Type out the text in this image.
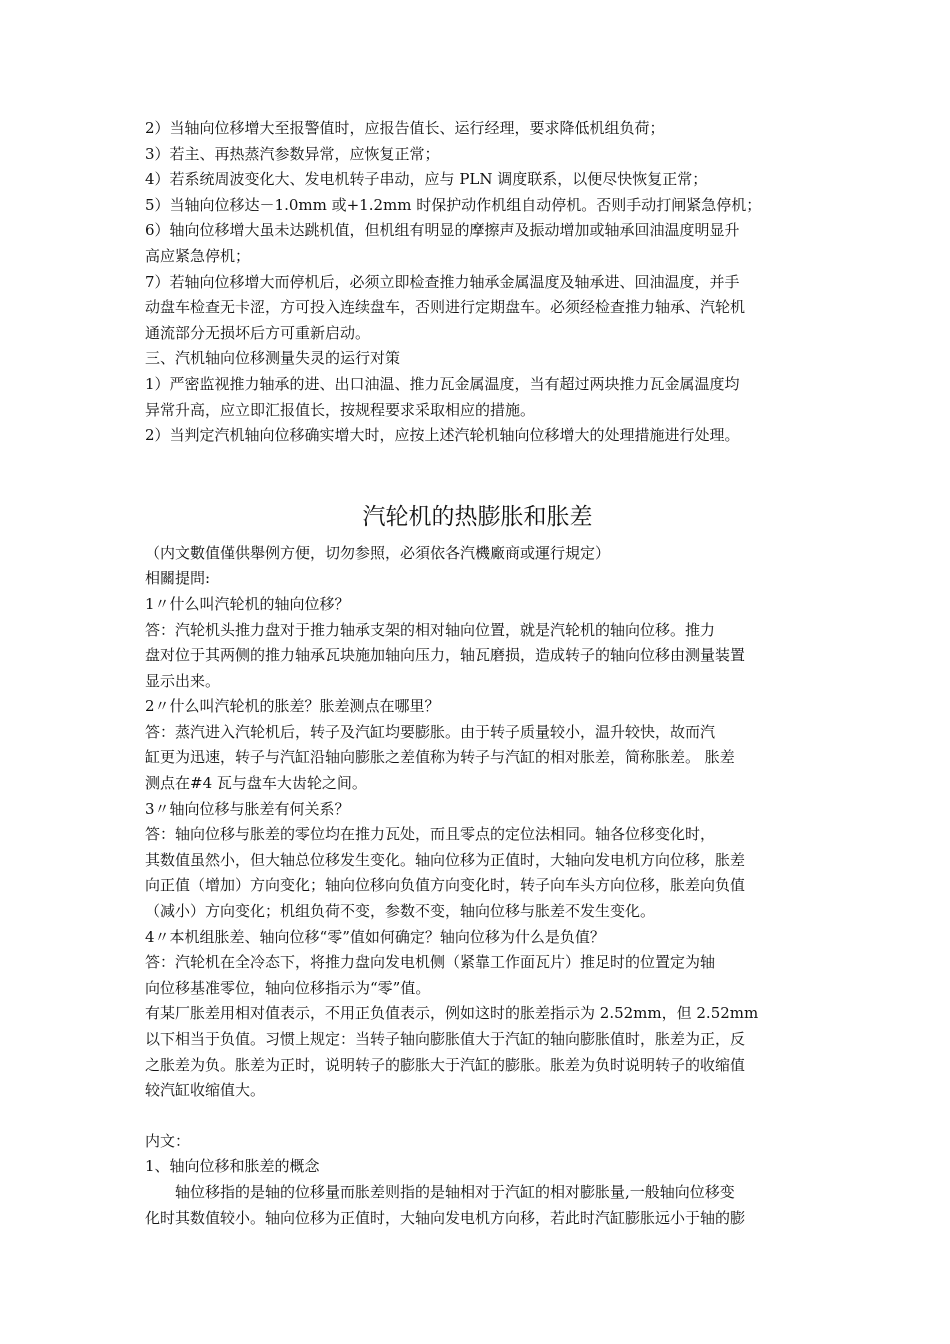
2）当轴向位移增大至报警值时，应报告值长、运行经理，要求降低机组负荷；
3）若主、再热蒸汽参数异常，应恢复正常；
4）若系统周波变化大、发电机转子串动，应与 PLN 调度联系，以便尽快恢复正常；
5）当轴向位移达－1.0mm 或+1.2mm 时保护动作机组自动停机。否则手动打闸紧急停机；
6）轴向位移增大虽未达跳机值，但机组有明显的摩擦声及振动增加或轴承回油温度明显升
高应紧急停机；
7）若轴向位移增大而停机后，必须立即检查推力轴承金属温度及轴承进、回油温度，并手
动盘车检查无卡涩，方可投入连续盘车，否则进行定期盘车。必须经检查推力轴承、汽轮机
通流部分无损坏后方可重新启动。
三、汽机轴向位移测量失灵的运行对策
1）严密监视推力轴承的进、出口油温、推力瓦金属温度，当有超过两块推力瓦金属温度均
异常升高，应立即汇报值长，按规程要求采取相应的措施。
2）当判定汽机轴向位移确实增大时，应按上述汽轮机轴向位移增大的处理措施进行处理。
汽轮机的热膨胀和胀差
（内文數值僅供舉例方便，切勿参照，必須依各汽機廠商或運行規定）
相關提問:
1〃什么叫汽轮机的轴向位移？
答：汽轮机头推力盘对于推力轴承支架的相对轴向位置，就是汽轮机的轴向位移。推力
盘对位于其两侧的推力轴承瓦块施加轴向压力，轴瓦磨损，造成转子的轴向位移由测量装置
显示出来。
2〃什么叫汽轮机的胀差？胀差测点在哪里？
答：蒸汽进入汽轮机后，转子及汽缸均要膨胀。由于转子质量较小，温升较快，故而汽
缸更为迅速，转子与汽缸沿轴向膨胀之差值称为转子与汽缸的相对胀差，简称胀差。 胀差
测点在#4 瓦与盘车大齿轮之间。
3〃轴向位移与胀差有何关系？
答：轴向位移与胀差的零位均在推力瓦处，而且零点的定位法相同。轴各位移变化时，
其数值虽然小，但大轴总位移发生变化。轴向位移为正值时，大轴向发电机方向位移，胀差
向正值（增加）方向变化；轴向位移向负值方向变化时，转子向车头方向位移，胀差向负值
（减小）方向变化；机组负荷不变，参数不变，轴向位移与胀差不发生变化。
4〃本机组胀差、轴向位移“零”值如何确定？轴向位移为什么是负值？
答：汽轮机在全冷态下，将推力盘向发电机侧（紧靠工作面瓦片）推足时的位置定为轴
向位移基准零位，轴向位移指示为“零”值。
有某厂胀差用相对值表示，不用正负值表示，例如这时的胀差指示为 2.52mm，但 2.52mm
以下相当于负值。习惯上规定：当转子轴向膨胀值大于汽缸的轴向膨胀值时，胀差为正，反
之胀差为负。胀差为正时，说明转子的膨胀大于汽缸的膨胀。胀差为负时说明转子的收缩值
较汽缸收缩值大。
内文：
1、轴向位移和胀差的概念
轴位移指的是轴的位移量而胀差则指的是轴相对于汽缸的相对膨胀量,一般轴向位移变
化时其数值较小。轴向位移为正值时，大轴向发电机方向移，若此时汽缸膨胀远小于轴的膨
